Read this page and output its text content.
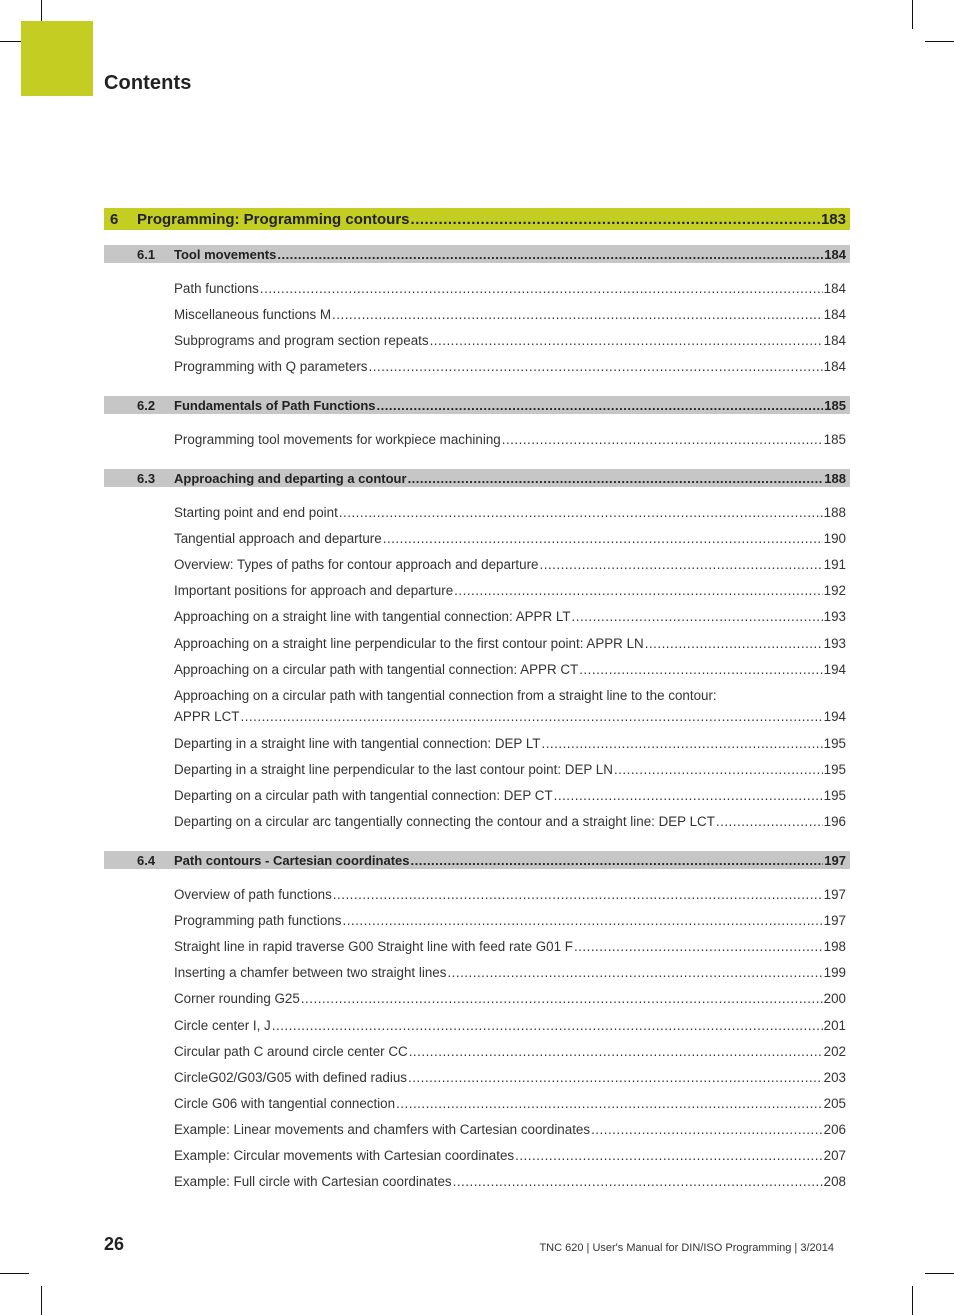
Contents
6	Programming: Programming contours .....	183
6.1	Tool movements .....	184
Path functions .....	184
Miscellaneous functions M .....	184
Subprograms and program section repeats .....	184
Programming with Q parameters .....	184
6.2	Fundamentals of Path Functions .....	185
Programming tool movements for workpiece machining .....	185
6.3	Approaching and departing a contour .....	188
Starting point and end point .....	188
Tangential approach and departure .....	190
Overview: Types of paths for contour approach and departure .....	191
Important positions for approach and departure .....	192
Approaching on a straight line with tangential connection: APPR LT .....	193
Approaching on a straight line perpendicular to the first contour point: APPR LN .....	193
Approaching on a circular path with tangential connection: APPR CT .....	194
Approaching on a circular path with tangential connection from a straight line to the contour:
APPR LCT .....	194
Departing in a straight line with tangential connection: DEP LT .....	195
Departing in a straight line perpendicular to the last contour point: DEP LN .....	195
Departing on a circular path with tangential connection: DEP CT .....	195
Departing on a circular arc tangentially connecting the contour and a straight line: DEP LCT .....	196
6.4	Path contours - Cartesian coordinates .....	197
Overview of path functions .....	197
Programming path functions .....	197
Straight line in rapid traverse G00 Straight line with feed rate G01 F .....	198
Inserting a chamfer between two straight lines .....	199
Corner rounding G25 .....	200
Circle center I, J .....	201
Circular path C around circle center CC .....	202
CircleG02/G03/G05 with defined radius .....	203
Circle G06 with tangential connection .....	205
Example: Linear movements and chamfers with Cartesian coordinates .....	206
Example: Circular movements with Cartesian coordinates .....	207
Example: Full circle with Cartesian coordinates .....	208
26	TNC 620 | User's Manual for DIN/ISO Programming | 3/2014
